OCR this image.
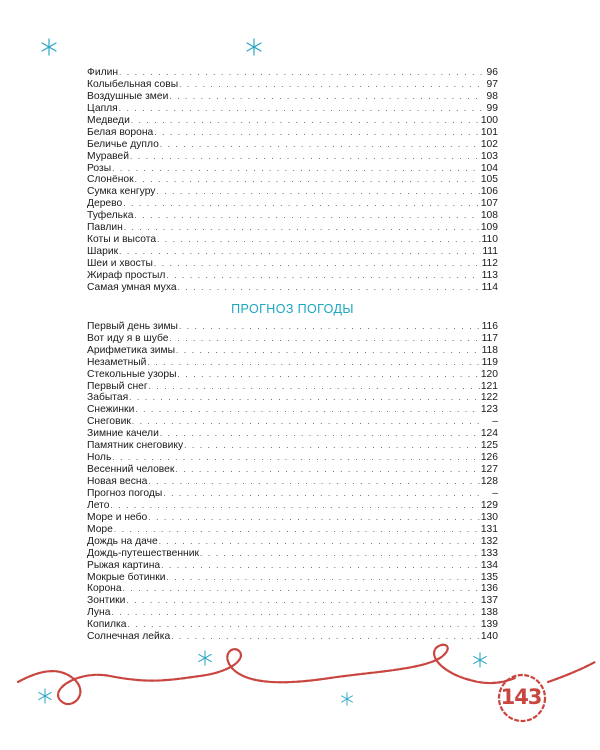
Филин . . .	96
Колыбельная совы . . .	97
Воздушные змеи . . .	98
Цапля . . .	99
Медведи . . .	100
Белая ворона . . .	101
Беличье дупло . . .	102
Муравей . . .	103
Розы . . .	104
Слонёнок . . .	105
Сумка кенгуру . . .	106
Дерево . . .	107
Туфелька . . .	108
Павлин . . .	109
Коты и высота . . .	110
Шарик . . .	111
Шеи и хвосты . . .	112
Жираф простыл . . .	113
Самая умная муха . . .	114
ПРОГНОЗ ПОГОДЫ
Первый день зимы . . .	116
Вот иду я в шубе . . .	117
Арифметика зимы . . .	118
Незаметный . . .	119
Стекольные узоры . . .	120
Первый снег . . .	121
Забытая . . .	122
Снежинки . . .	123
Снеговик . . .	–
Зимние качели . . .	124
Памятник снеговику . . .	125
Ноль . . .	126
Весенний человек . . .	127
Новая весна . . .	128
Прогноз погоды . . .	–
Лето . . .	129
Море и небо . . .	130
Море . . .	131
Дождь на даче . . .	132
Дождь-путешественник . . .	133
Рыжая картина . . .	134
Мокрые ботинки . . .	135
Корона . . .	136
Зонтики . . .	137
Луна . . .	138
Копилка . . .	139
Солнечная лейка . . .	140
143
